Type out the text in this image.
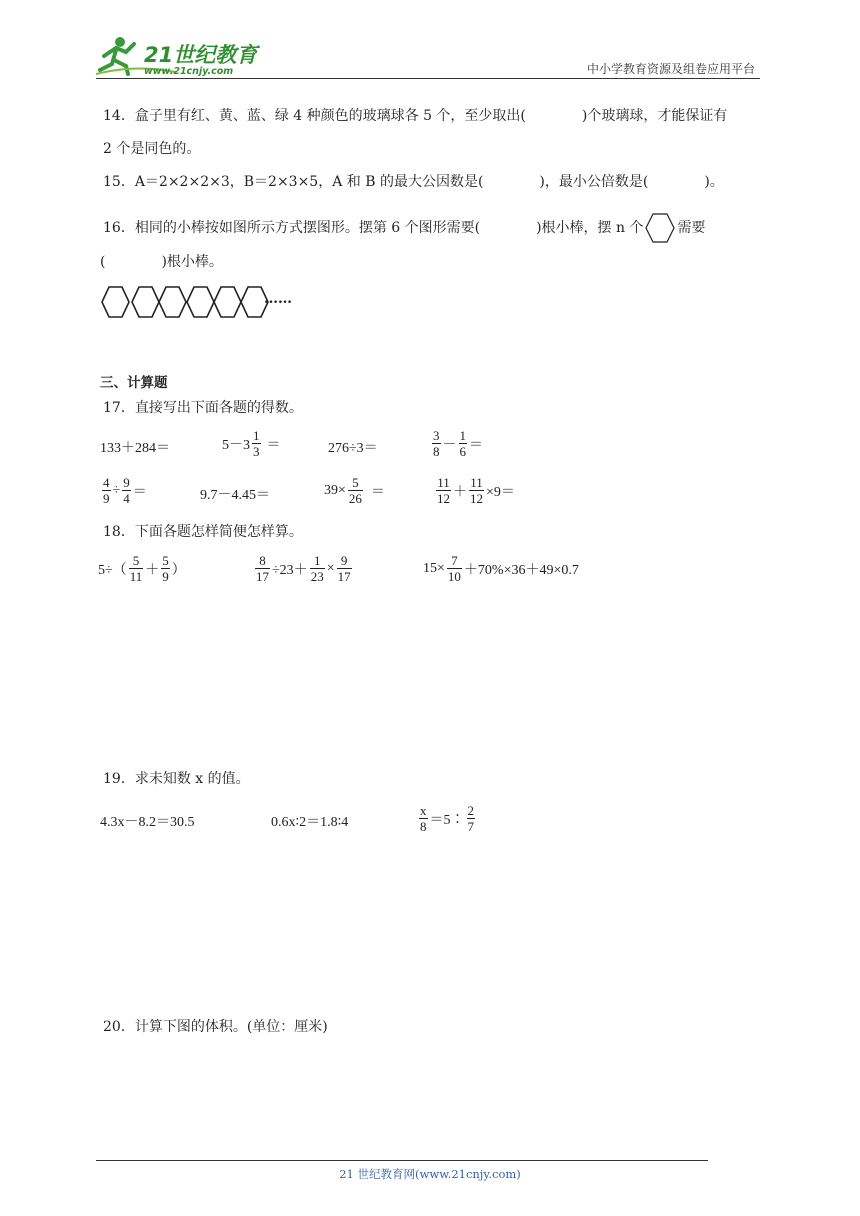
21世纪教育
www.21cnjy.com	中小学教育资源及组卷应用平台
14．盒子里有红、黄、蓝、绿 4 种颜色的玻璃球各 5 个，至少取出(　　　　)个玻璃球，才能保证有
2 个是同色的。
15．A＝2×2×2×3，B＝2×3×5，A 和 B 的最大公因数是(　　　　)，最小公倍数是(　　　　)。
16．相同的小棒按如图所示方式摆图形。摆第 6 个图形需要(　　　　)根小棒，摆 n 个 需要
(　　　　)根小棒。
……
三、计算题
17．直接写出下面各题的得数。
133＋284＝	$5-3 \frac{1}{3}$ ＝	276÷3＝	$\frac{3}{8} - \frac{1}{6}$ ＝
$\frac{4}{9} \div \frac{9}{4}$ ＝	9.7－4.45＝	$39\times \frac{5}{26}$ ＝	$\frac{11}{12} + \frac{11}{12} \times 9=$
18．下面各题怎样简便怎样算。
$5\div( \frac{5}{11} + \frac{5}{9}$ ）	$\frac{8}{17} \div 23+ \frac{1}{23} \times \frac{9}{17}$	$15\times \frac{7}{10} +70\%\times 36+49\times 0.7$
19．求未知数 x 的值。
4.3x－8.2＝30.5	0.6x∶2＝1.8∶4	$\frac{x}{8}$ ＝5∶ $\frac{2}{7}$
20．计算下图的体积。(单位：厘米)
21 世纪教育网(www.21cnjy.com)
